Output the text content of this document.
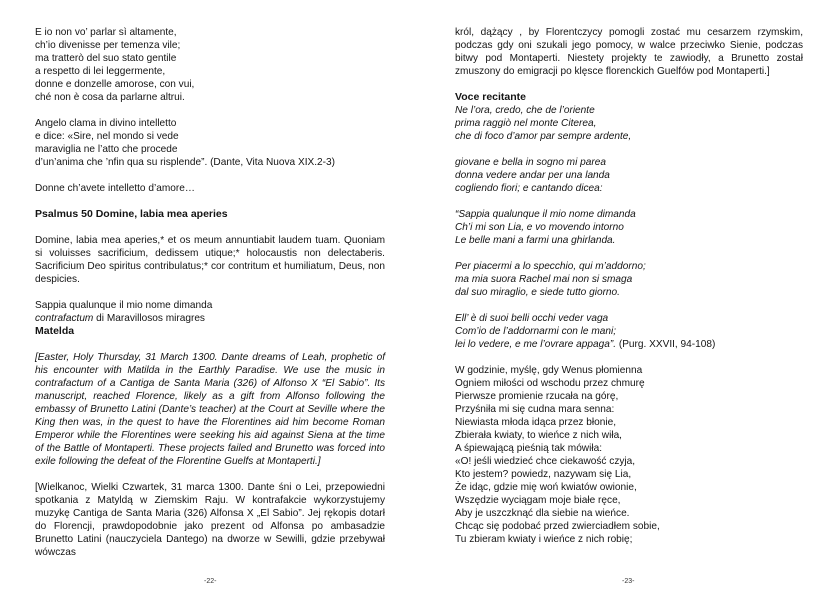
E io non vo’ parlar sì altamente,
ch’io divenisse per temenza vile;
ma tratterò del suo stato gentile
a respetto di lei leggermente,
donne e donzelle amorose, con vui,
ché non è cosa da parlarne altrui.
Angelo clama in divino intelletto
e dice: «Sire, nel mondo si vede
maraviglia ne l’atto che procede
d’un’anima che ’nfin qua su risplende”. (Dante, Vita Nuova XIX.2-3)
Donne ch’avete intelletto d’amore…
Psalmus 50 Domine, labia mea aperies
Domine, labia mea aperies,* et os meum annuntiabit laudem tuam. Quoniam si voluisses sacrificium, dedissem utique;* holocaustis non delectaberis. Sacrificium Deo spiritus contribulatus;* cor contritum et humiliatum, Deus, non despicies.
Sappia qualunque il mio nome dimanda
contrafactum di Maravillosos miragres
Matelda
[Easter, Holy Thursday, 31 March 1300. Dante dreams of Leah, prophetic of his encounter with Matilda in the Earthly Paradise. We use the music in contrafactum of a Cantiga de Santa Maria (326) of Alfonso X “El Sabio”. Its manuscript, reached Florence, likely as a gift from Alfonso following the embassy of Brunetto Latini (Dante’s teacher) at the Court at Seville where the King then was, in the quest to have the Florentines aid him become Roman Emperor while the Florentines were seeking his aid against Siena at the time of the Battle of Montaperti. These projects failed and Brunetto was forced into exile following the defeat of the Florentine Guelfs at Montaperti.]
[Wielkanoc, Wielki Czwartek, 31 marca 1300. Dante śni o Lei, przepowiedni spotkania z Matyldą w Ziemskim Raju. W kontrafakcie wykorzystujemy muzykę Cantiga de Santa Maria (326) Alfonsa X „El Sabio”. Jej rękopis dotarł do Florencji, prawdopodobnie jako prezent od Alfonsa po ambasadzie Brunetto Latini (nauczyciela Dantego) na dworze w Sewilli, gdzie przebywał wówczas
król, dążący , by Florentczycy pomogli zostać mu cesarzem rzymskim, podczas gdy oni szukali jego pomocy, w walce przeciwko Sienie, podczas bitwy pod Montaperti. Niestety projekty te zawiodły, a Brunetto został zmuszony do emigracji po klęsce florenckich Guelfów pod Montaperti.]
Voce recitante
Ne l’ora, credo, che de l’oriente
prima raggiò nel monte Citerea,
che di foco d’amor par sempre ardente,
giovane e bella in sogno mi parea
donna vedere andar per una landa
cogliendo fiori; e cantando dicea:
“Sappia qualunque il mio nome dimanda
Ch’i mi son Lia, e vo movendo intorno
Le belle mani a farmi una ghirlanda.
Per piacermi a lo specchio, qui m’addorno;
ma mia suora Rachel mai non si smaga
dal suo miraglio, e siede tutto giorno.
Ell’ è di suoi belli occhi veder vaga
Com’io de l’addornarmi con le mani;
lei lo vedere, e me l’ovrare appaga”. (Purg. XXVII, 94-108)
W godzinie, myślę, gdy Wenus płomienna
Ogniem miłości od wschodu przez chmurę
Pierwsze promienie rzucała na górę,
Przyśniła mi się cudna mara senna:
Niewiasta młoda idąca przez błonie,
Zbierała kwiaty, to wieńce z nich wiła,
A śpiewającą pieśnią tak mówiła:
«O! jeśli wiedzieć chce ciekawość czyja,
Kto jestem? powiedz, nazywam się Lia,
Że idąc, gdzie mię woń kwiatów owionie,
Wszędzie wyciągam moje białe ręce,
Aby je uszczknąć dla siebie na wieńce.
Chcąc się podobać przed zwierciadłem sobie,
Tu zbieram kwiaty i wieńce z nich robię;
-22-	-23-
